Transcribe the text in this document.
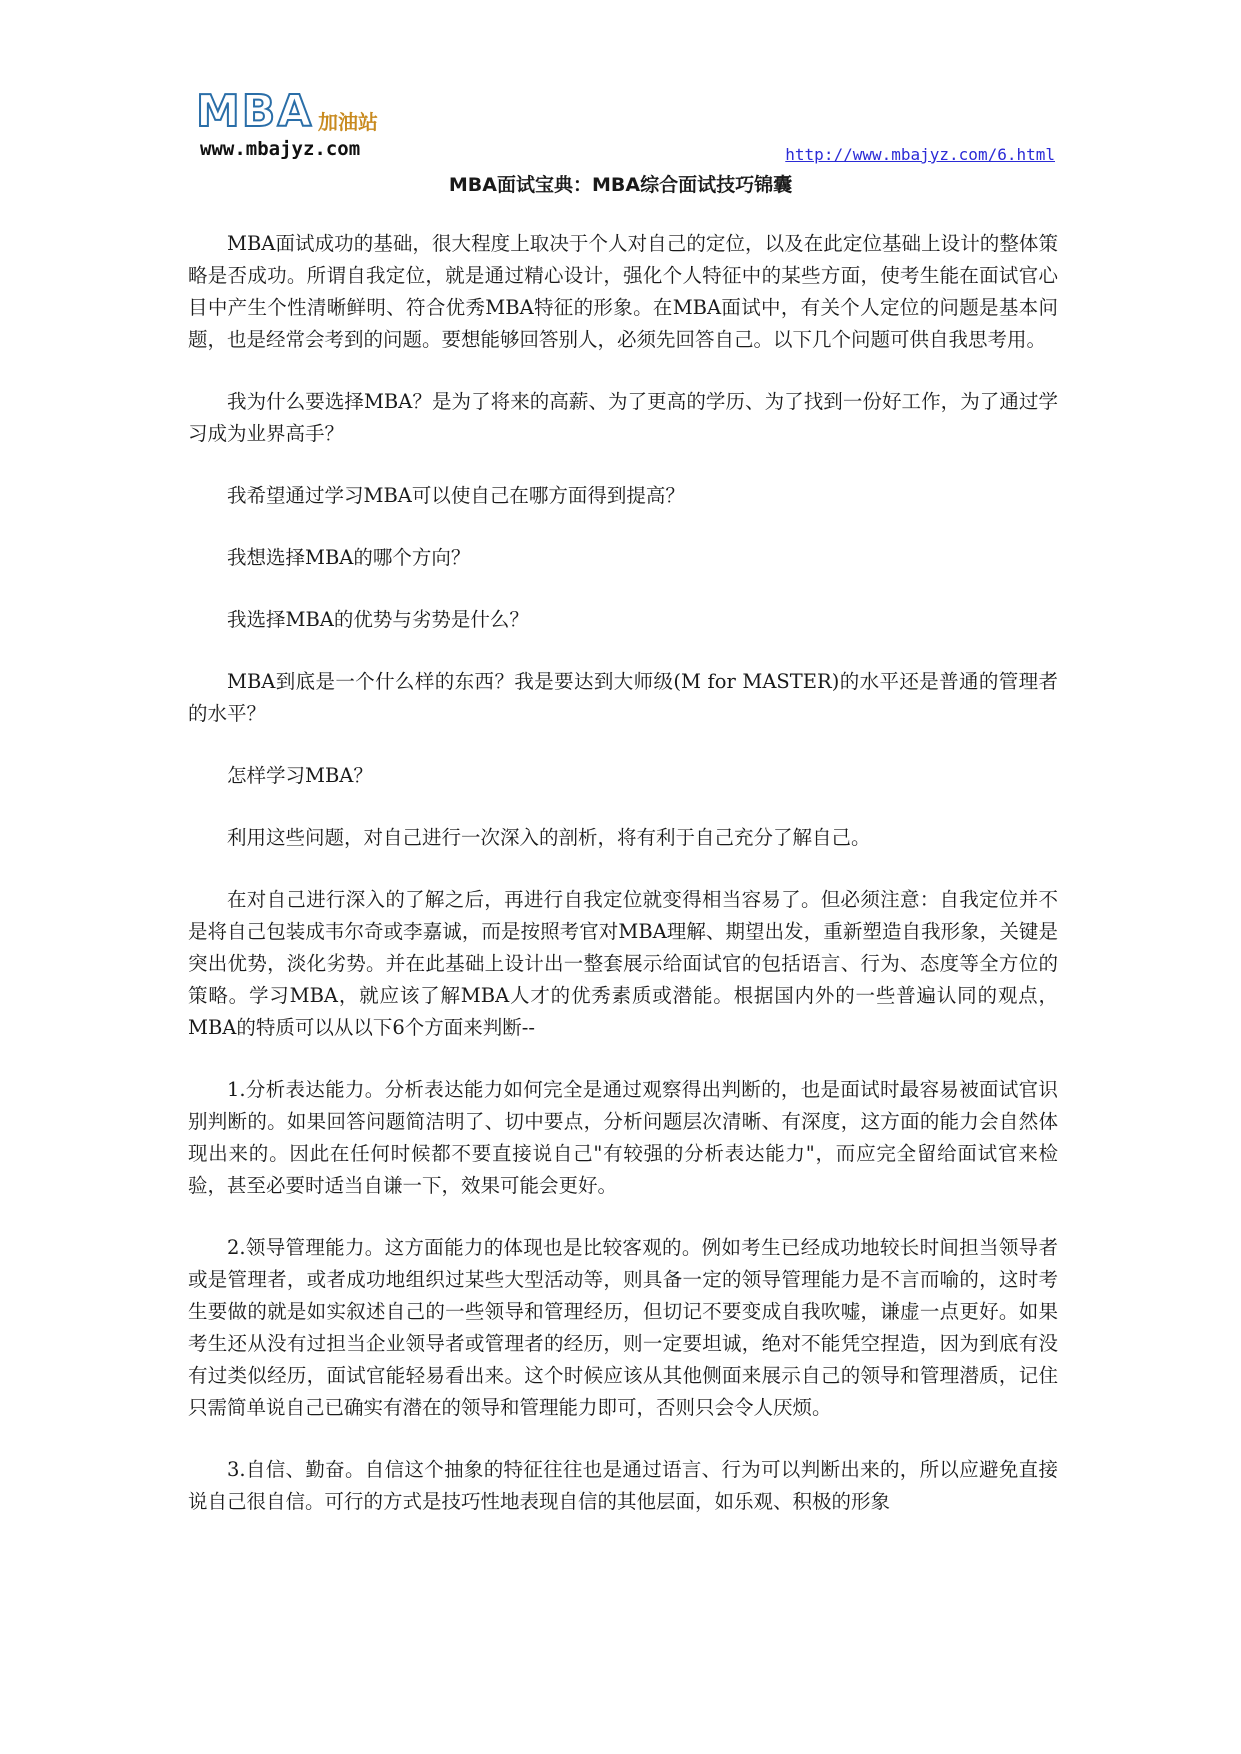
MBA 加油站
www.mbajyz.com	http://www.mbajyz.com/6.html
MBA面试宝典：MBA综合面试技巧锦囊

MBA面试成功的基础，很大程度上取决于个人对自己的定位，以及在此定位基础上设计的整体策略是否成功。所谓自我定位，就是通过精心设计，强化个人特征中的某些方面，使考生能在面试官心目中产生个性清晰鲜明、符合优秀MBA特征的形象。在MBA面试中，有关个人定位的问题是基本问题，也是经常会考到的问题。要想能够回答别人，必须先回答自己。以下几个问题可供自我思考用。

我为什么要选择MBA？是为了将来的高薪、为了更高的学历、为了找到一份好工作，为了通过学习成为业界高手？

我希望通过学习MBA可以使自己在哪方面得到提高？

我想选择MBA的哪个方向？

我选择MBA的优势与劣势是什么？

MBA到底是一个什么样的东西？我是要达到大师级(M for MASTER)的水平还是普通的管理者的水平？

怎样学习MBA？

利用这些问题，对自己进行一次深入的剖析，将有利于自己充分了解自己。

在对自己进行深入的了解之后，再进行自我定位就变得相当容易了。但必须注意：自我定位并不是将自己包装成韦尔奇或李嘉诚，而是按照考官对MBA理解、期望出发，重新塑造自我形象，关键是突出优势，淡化劣势。并在此基础上设计出一整套展示给面试官的包括语言、行为、态度等全方位的策略。学习MBA，就应该了解MBA人才的优秀素质或潜能。根据国内外的一些普遍认同的观点，MBA的特质可以从以下6个方面来判断--

1.分析表达能力。分析表达能力如何完全是通过观察得出判断的，也是面试时最容易被面试官识别判断的。如果回答问题简洁明了、切中要点，分析问题层次清晰、有深度，这方面的能力会自然体现出来的。因此在任何时候都不要直接说自己"有较强的分析表达能力"，而应完全留给面试官来检验，甚至必要时适当自谦一下，效果可能会更好。

2.领导管理能力。这方面能力的体现也是比较客观的。例如考生已经成功地较长时间担当领导者或是管理者，或者成功地组织过某些大型活动等，则具备一定的领导管理能力是不言而喻的，这时考生要做的就是如实叙述自己的一些领导和管理经历，但切记不要变成自我吹嘘，谦虚一点更好。如果考生还从没有过担当企业领导者或管理者的经历，则一定要坦诚，绝对不能凭空捏造，因为到底有没有过类似经历，面试官能轻易看出来。这个时候应该从其他侧面来展示自己的领导和管理潜质，记住只需简单说自己已确实有潜在的领导和管理能力即可，否则只会令人厌烦。

3.自信、勤奋。自信这个抽象的特征往往也是通过语言、行为可以判断出来的，所以应避免直接说自己很自信。可行的方式是技巧性地表现自信的其他层面，如乐观、积极的形象
